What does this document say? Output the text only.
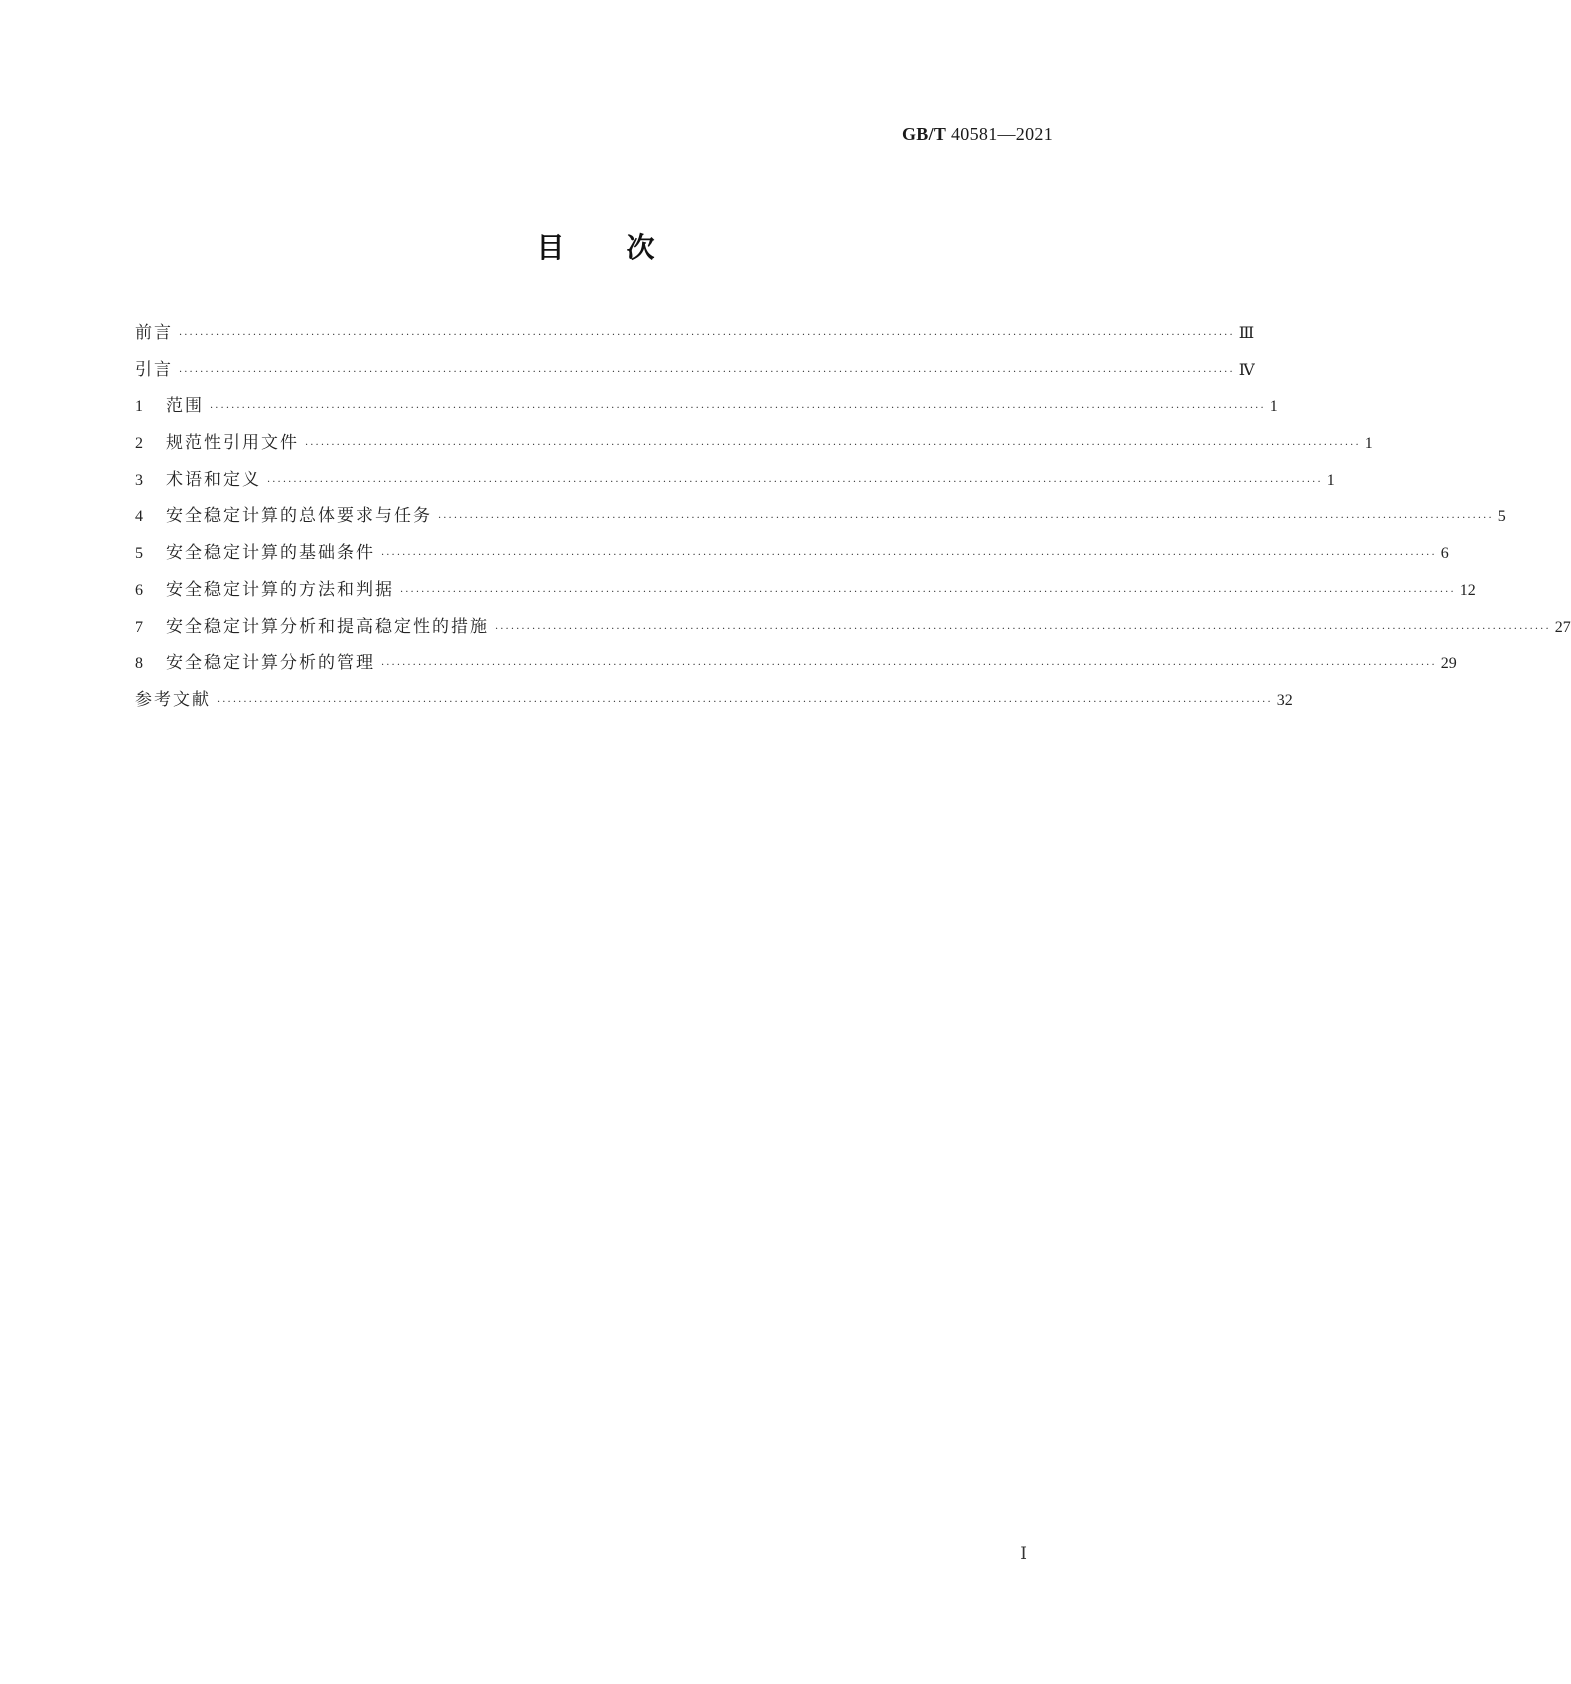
GB/T 40581—2021
目 次
前言 ········································································································································································································ Ⅲ
引言 ········································································································································································································ Ⅳ
1	范围 ········································································································································································································ 1
2	规范性引用文件 ········································································································································································································ 1
3	术语和定义 ········································································································································································································ 1
4	安全稳定计算的总体要求与任务 ········································································································································································································ 5
5	安全稳定计算的基础条件 ········································································································································································································ 6
6	安全稳定计算的方法和判据 ········································································································································································································ 12
7	安全稳定计算分析和提高稳定性的措施 ········································································································································································································ 27
8	安全稳定计算分析的管理 ········································································································································································································ 29
参考文献 ········································································································································································································ 32
Ⅰ
